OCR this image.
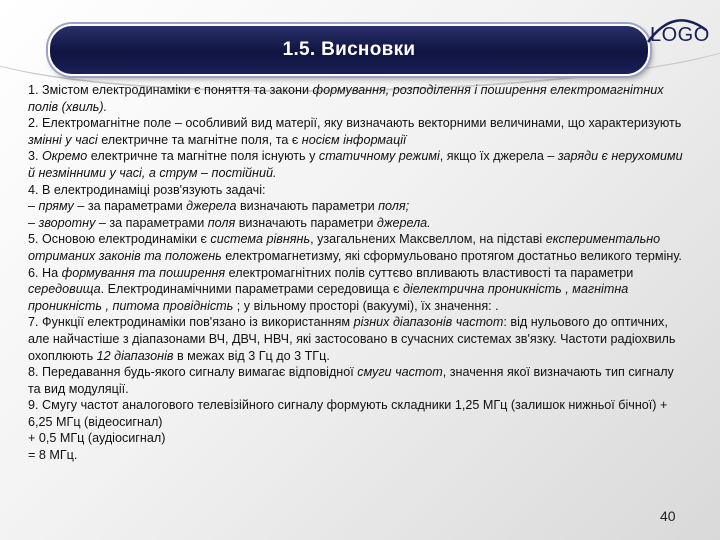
1.5. Висновки
LOGO

1. Змістом електродинаміки є поняття та закони формування, розподілення і поширення електромагнітних полів (хвиль).

2. Електромагнітне поле – особливий вид матерії, яку визначають векторними величинами, що характеризують змінні у часі електричне та магнітне поля, та є носієм інформації

3. Окремо електричне та магнітне поля існують у статичному режимі, якщо їх джерела – заряди є нерухомими й незмінними у часі, а струм – постійний.

4. В електродинаміці розв'язують задачі:

– пряму – за параметрами джерела визначають параметри поля;

– зворотну – за параметрами поля визначають параметри джерела.

5. Основою електродинаміки є система рівнянь, узагальнених Максвеллом, на підставі експериментально отриманих законів та положень електромагнетизму, які сформульовано протягом достатньо великого терміну.

6. На формування та поширення електромагнітних полів суттєво впливають властивості та параметри середовища. Електродинамічними параметрами середовища є діелектрична проникність , магнітна проникність , питома провідність ; у вільному просторі (вакуумі), їх значення: .

7. Функції електродинаміки пов'язано із використанням різних діапазонів частот: від нульового до оптичних, але найчастіше з діапазонами ВЧ, ДВЧ, НВЧ, які застосовано в сучасних системах зв'язку. Частоти радіохвиль охоплюють 12 діапазонів в межах від 3 Гц до 3 ТГц.

8. Передавання будь-якого сигналу вимагає відповідної смуги частот, значення якої визначають тип сигналу та вид модуляції.

9. Смугу частот аналогового телевізійного сигналу формують складники 1,25 МГц (залишок нижньої бічної) + 6,25 МГц (відеосигнал)

+ 0,5 МГц (аудіосигнал)

= 8 МГц.

40
